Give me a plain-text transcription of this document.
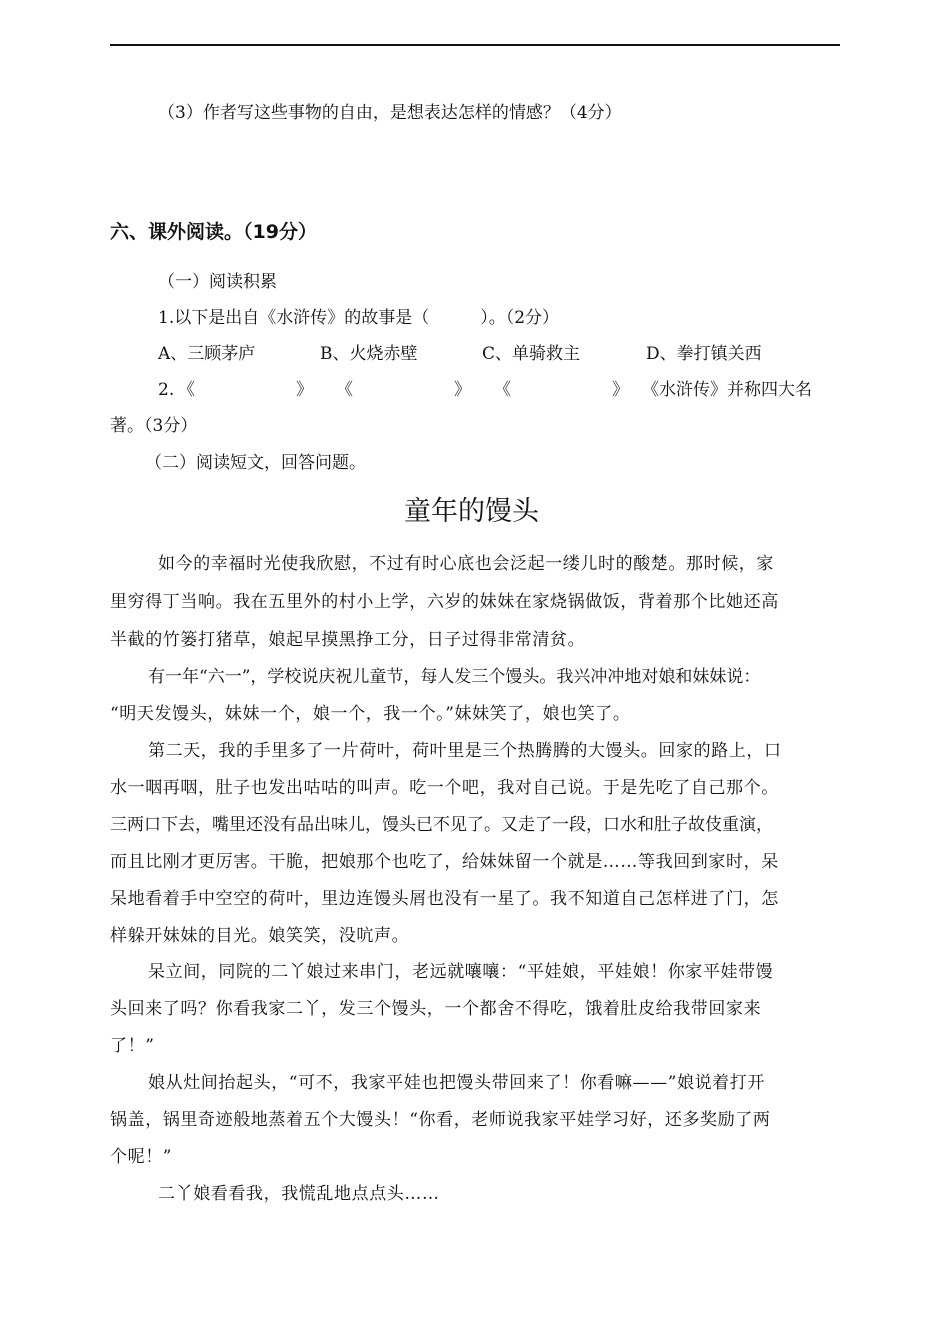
（3）作者写这些事物的自由，是想表达怎样的情感？（4分）
六、课外阅读。（19分）
（一）阅读积累
1.以下是出自《水浒传》的故事是（　　　）。（2分）
A、三顾茅庐	B、火烧赤壁	C、单骑救主	D、拳打镇关西
2. 《	》 《	》 《	》 《水浒传》并称四大名
著。（3分）
（二）阅读短文，回答问题。
童年的馒头
如今的幸福时光使我欣慰，不过有时心底也会泛起一缕儿时的酸楚。那时候，家
里穷得丁当响。我在五里外的村小上学，六岁的妹妹在家烧锅做饭，背着那个比她还高
半截的竹篓打猪草，娘起早摸黑挣工分，日子过得非常清贫。
有一年“六一”，学校说庆祝儿童节，每人发三个馒头。我兴冲冲地对娘和妹妹说：
“明天发馒头，妹妹一个，娘一个，我一个。”妹妹笑了，娘也笑了。
第二天，我的手里多了一片荷叶，荷叶里是三个热腾腾的大馒头。回家的路上，口
水一咽再咽，肚子也发出咕咕的叫声。吃一个吧，我对自己说。于是先吃了自己那个。
三两口下去，嘴里还没有品出味儿，馒头已不见了。又走了一段，口水和肚子故伎重演，
而且比刚才更厉害。干脆，把娘那个也吃了，给妹妹留一个就是……等我回到家时，呆
呆地看着手中空空的荷叶，里边连馒头屑也没有一星了。我不知道自己怎样进了门，怎
样躲开妹妹的目光。娘笑笑，没吭声。
呆立间，同院的二丫娘过来串门，老远就嚷嚷：“平娃娘，平娃娘！你家平娃带馒
头回来了吗？你看我家二丫，发三个馒头，一个都舍不得吃，饿着肚皮给我带回家来
了！”
娘从灶间抬起头，“可不，我家平娃也把馒头带回来了！你看嘛——”娘说着打开
锅盖，锅里奇迹般地蒸着五个大馒头！“你看，老师说我家平娃学习好，还多奖励了两
个呢！”
二丫娘看看我，我慌乱地点点头……
